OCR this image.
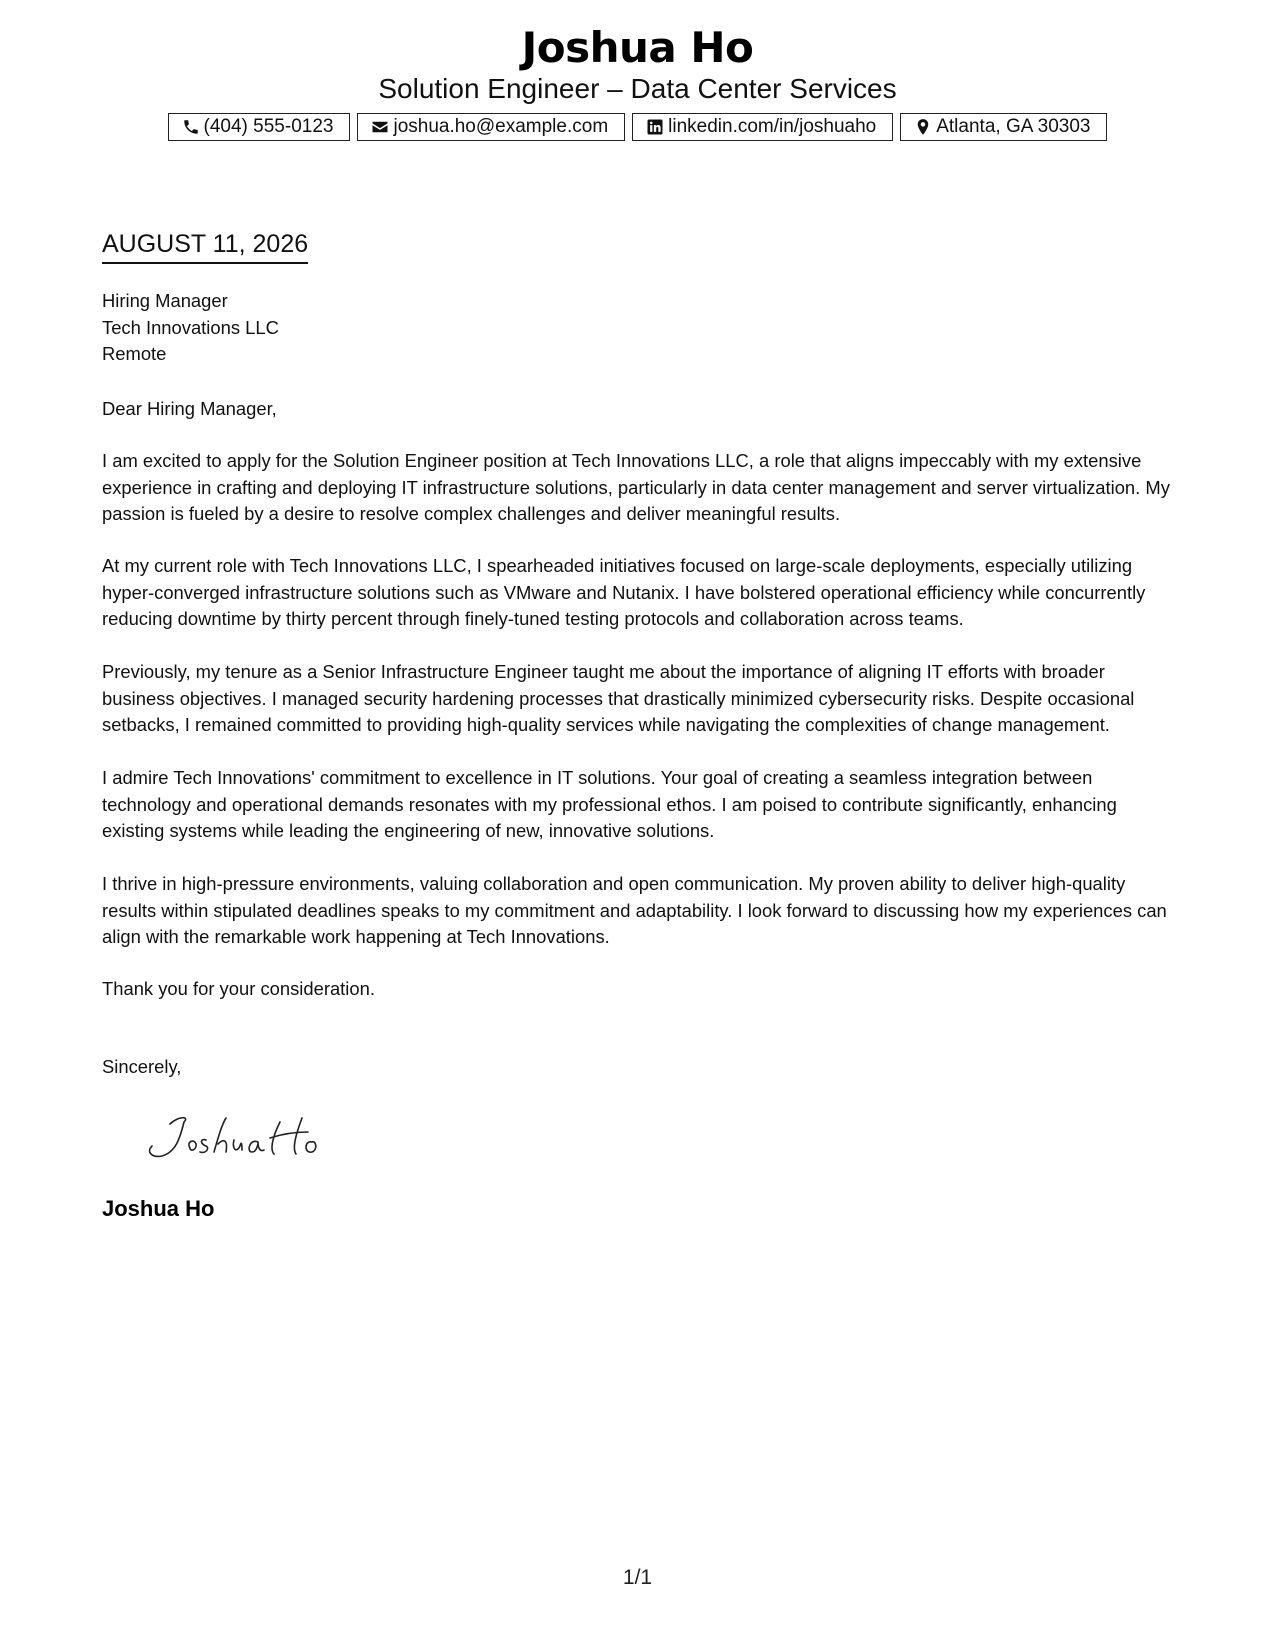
Joshua Ho
Solution Engineer – Data Center Services
(404) 555-0123	joshua.ho@example.com	linkedin.com/in/joshuaho	Atlanta, GA 30303
AUGUST 11, 2026
Hiring Manager
Tech Innovations LLC
Remote
Dear Hiring Manager,

I am excited to apply for the Solution Engineer position at Tech Innovations LLC, a role that aligns impeccably with my extensive experience in crafting and deploying IT infrastructure solutions, particularly in data center management and server virtualization. My passion is fueled by a desire to resolve complex challenges and deliver meaningful results.

At my current role with Tech Innovations LLC, I spearheaded initiatives focused on large-scale deployments, especially utilizing hyper-converged infrastructure solutions such as VMware and Nutanix. I have bolstered operational efficiency while concurrently reducing downtime by thirty percent through finely-tuned testing protocols and collaboration across teams.

Previously, my tenure as a Senior Infrastructure Engineer taught me about the importance of aligning IT efforts with broader business objectives. I managed security hardening processes that drastically minimized cybersecurity risks. Despite occasional setbacks, I remained committed to providing high-quality services while navigating the complexities of change management.

I admire Tech Innovations' commitment to excellence in IT solutions. Your goal of creating a seamless integration between technology and operational demands resonates with my professional ethos. I am poised to contribute significantly, enhancing existing systems while leading the engineering of new, innovative solutions.

I thrive in high-pressure environments, valuing collaboration and open communication. My proven ability to deliver high-quality results within stipulated deadlines speaks to my commitment and adaptability. I look forward to discussing how my experiences can align with the remarkable work happening at Tech Innovations.

Thank you for your consideration.

Sincerely,
Joshua Ho
1/1
